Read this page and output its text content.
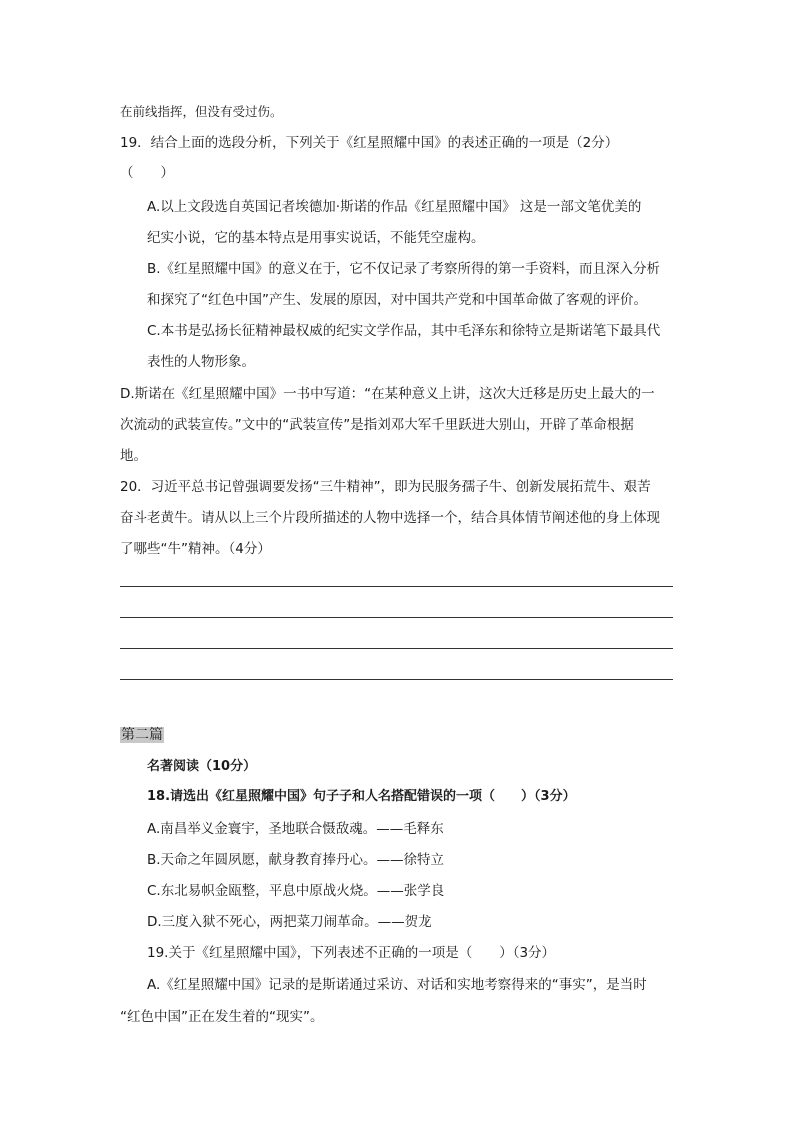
在前线指挥，但没有受过伤。
19．结合上面的选段分析，下列关于《红星照耀中国》的表述正确的一项是（2分）
（　　）
A.以上文段选自英国记者埃德加·斯诺的作品《红星照耀中国》 这是一部文笔优美的
纪实小说，它的基本特点是用事实说话，不能凭空虚构。
B.《红星照耀中国》的意义在于，它不仅记录了考察所得的第一手资料，而且深入分析
和探究了“红色中国”产生、发展的原因，对中国共产党和中国革命做了客观的评价。
C.本书是弘扬长征精神最权威的纪实文学作品，其中毛泽东和徐特立是斯诺笔下最具代
表性的人物形象。
D.斯诺在《红星照耀中国》一书中写道：“在某种意义上讲，这次大迁移是历史上最大的一
次流动的武装宣传。”文中的“武装宣传”是指刘邓大军千里跃进大别山，开辟了革命根据
地。
20．习近平总书记曾强调要发扬“三牛精神”，即为民服务孺子牛、创新发展拓荒牛、艰苦
奋斗老黄牛。请从以上三个片段所描述的人物中选择一个，结合具体情节阐述他的身上体现
了哪些“牛”精神。（4分）
第二篇
名著阅读（10分）
18.请选出《红星照耀中国》句子子和人名搭配错误的一项（　　）（3分）
A.南昌举义金寰宇，圣地联合慑敌魂。——毛释东
B.天命之年圆夙愿，献身教育捧丹心。——徐特立
C.东北易帜金瓯整，平息中原战火烧。——张学良
D.三度入狱不死心，两把菜刀闹革命。——贺龙
19.关于《红星照耀中国》，下列表述不正确的一项是（　　）（3分）
A.《红星照耀中国》记录的是斯诺通过采访、对话和实地考察得来的“事实”，是当时
“红色中国”正在发生着的“现实”。
